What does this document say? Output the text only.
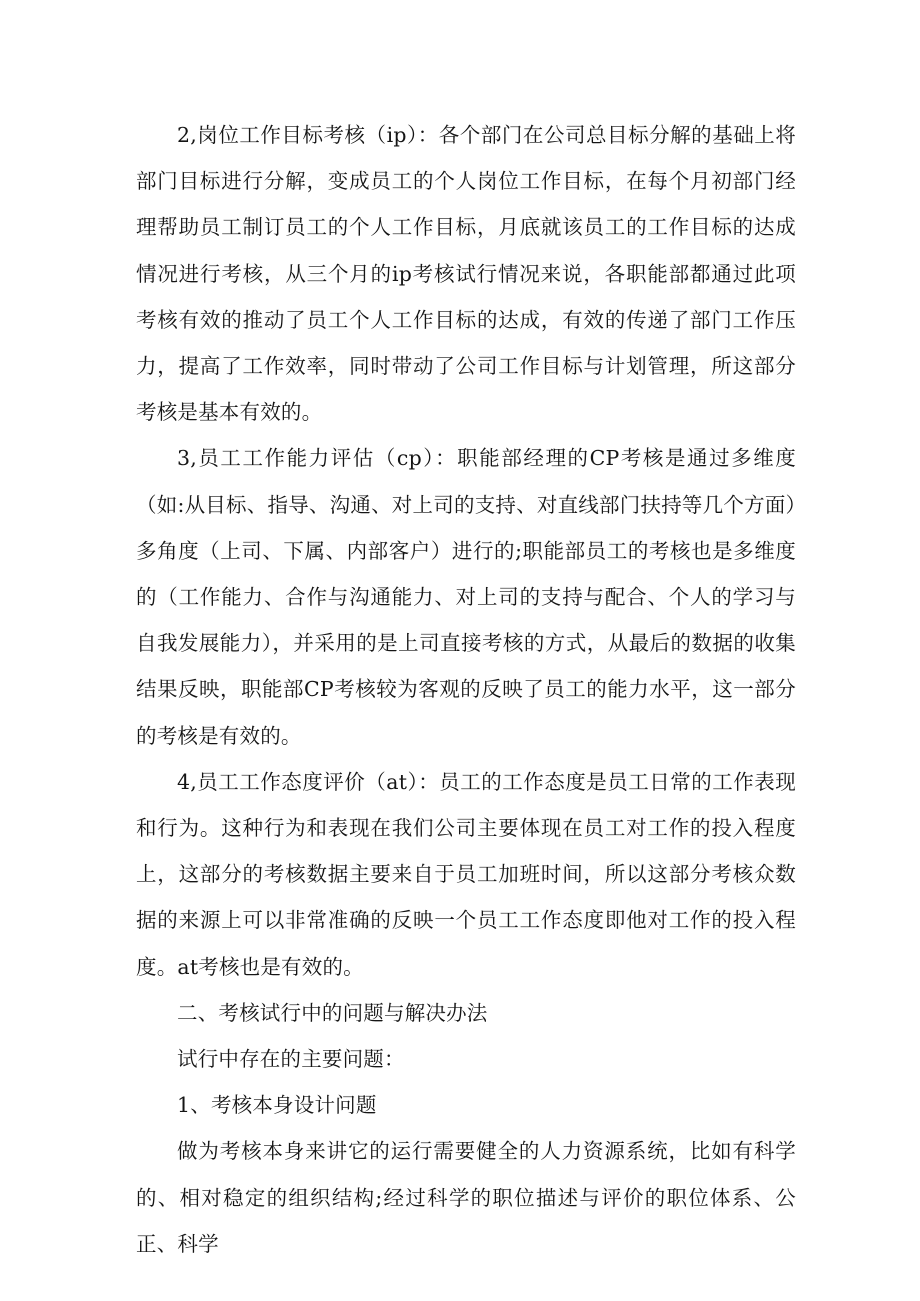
2,岗位工作目标考核（ip）：各个部门在公司总目标分解的基础上将部门目标进行分解，变成员工的个人岗位工作目标，在每个月初部门经理帮助员工制订员工的个人工作目标，月底就该员工的工作目标的达成情况进行考核，从三个月的ip考核试行情况来说，各职能部都通过此项考核有效的推动了员工个人工作目标的达成，有效的传递了部门工作压力，提高了工作效率，同时带动了公司工作目标与计划管理，所这部分考核是基本有效的。

3,员工工作能力评估（cp）：职能部经理的CP考核是通过多维度（如:从目标、指导、沟通、对上司的支持、对直线部门扶持等几个方面）多角度（上司、下属、内部客户）进行的;职能部员工的考核也是多维度的（工作能力、合作与沟通能力、对上司的支持与配合、个人的学习与自我发展能力），并采用的是上司直接考核的方式，从最后的数据的收集结果反映，职能部CP考核较为客观的反映了员工的能力水平，这一部分的考核是有效的。

4,员工工作态度评价（at）：员工的工作态度是员工日常的工作表现和行为。这种行为和表现在我们公司主要体现在员工对工作的投入程度上，这部分的考核数据主要来自于员工加班时间，所以这部分考核众数据的来源上可以非常准确的反映一个员工工作态度即他对工作的投入程度。at考核也是有效的。

二、考核试行中的问题与解决办法

试行中存在的主要问题：

1、考核本身设计问题

做为考核本身来讲它的运行需要健全的人力资源系统，比如有科学的、相对稳定的组织结构;经过科学的职位描述与评价的职位体系、公正、科学
